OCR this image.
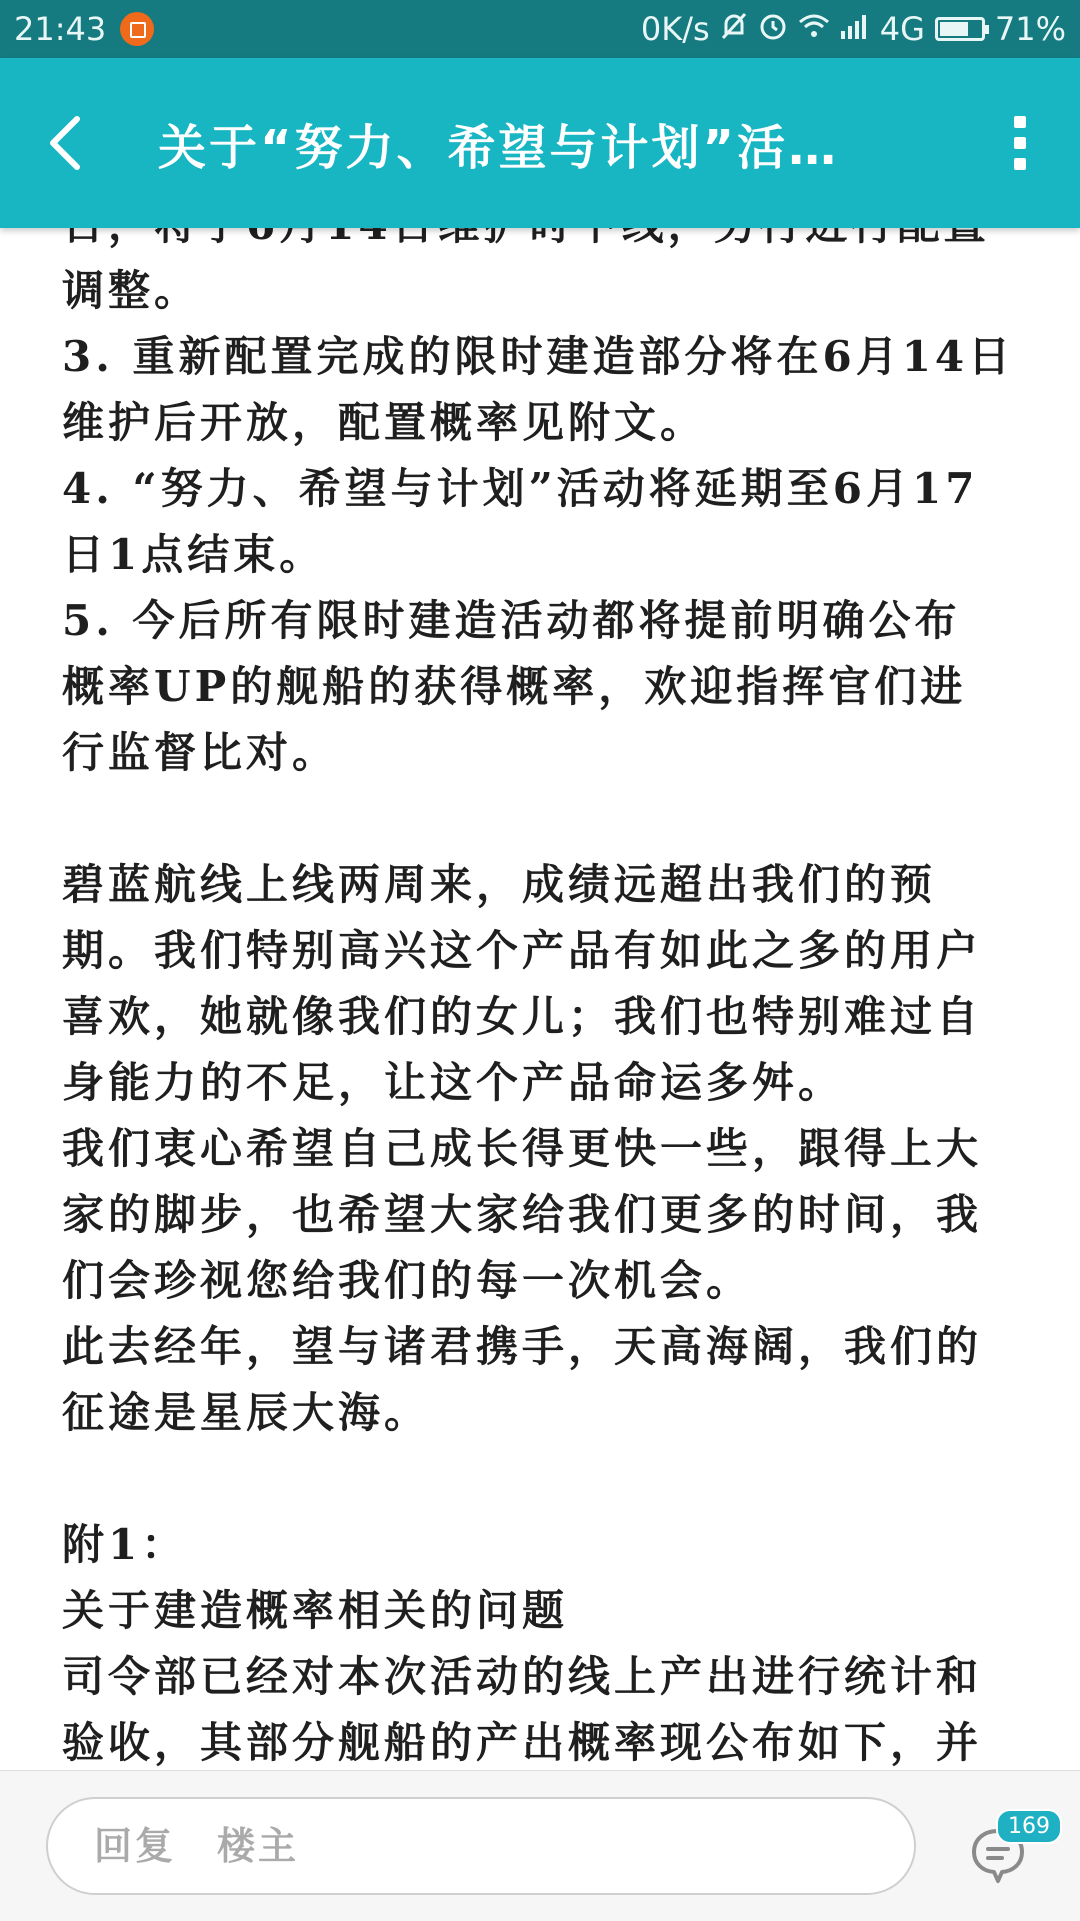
21:43	0K/s	4G 71%
关于“努力、希望与计划”活…

调整。

3. 重新配置完成的限时建造部分将在6月14日

维护后开放，配置概率见附文。

4. “努力、希望与计划”活动将延期至6月17

日1点结束。

5. 今后所有限时建造活动都将提前明确公布

概率UP的舰船的获得概率，欢迎指挥官们进

行监督比对。

碧蓝航线上线两周来，成绩远超出我们的预

期。我们特别高兴这个产品有如此之多的用户

喜欢，她就像我们的女儿；我们也特别难过自

身能力的不足，让这个产品命运多舛。

我们衷心希望自己成长得更快一些，跟得上大

家的脚步，也希望大家给我们更多的时间，我

们会珍视您给我们的每一次机会。

此去经年，望与诸君携手，天高海阔，我们的

征途是星辰大海。

附1：

关于建造概率相关的问题

司令部已经对本次活动的线上产出进行统计和

验收，其部分舰船的产出概率现公布如下，并

回复　楼主	169
